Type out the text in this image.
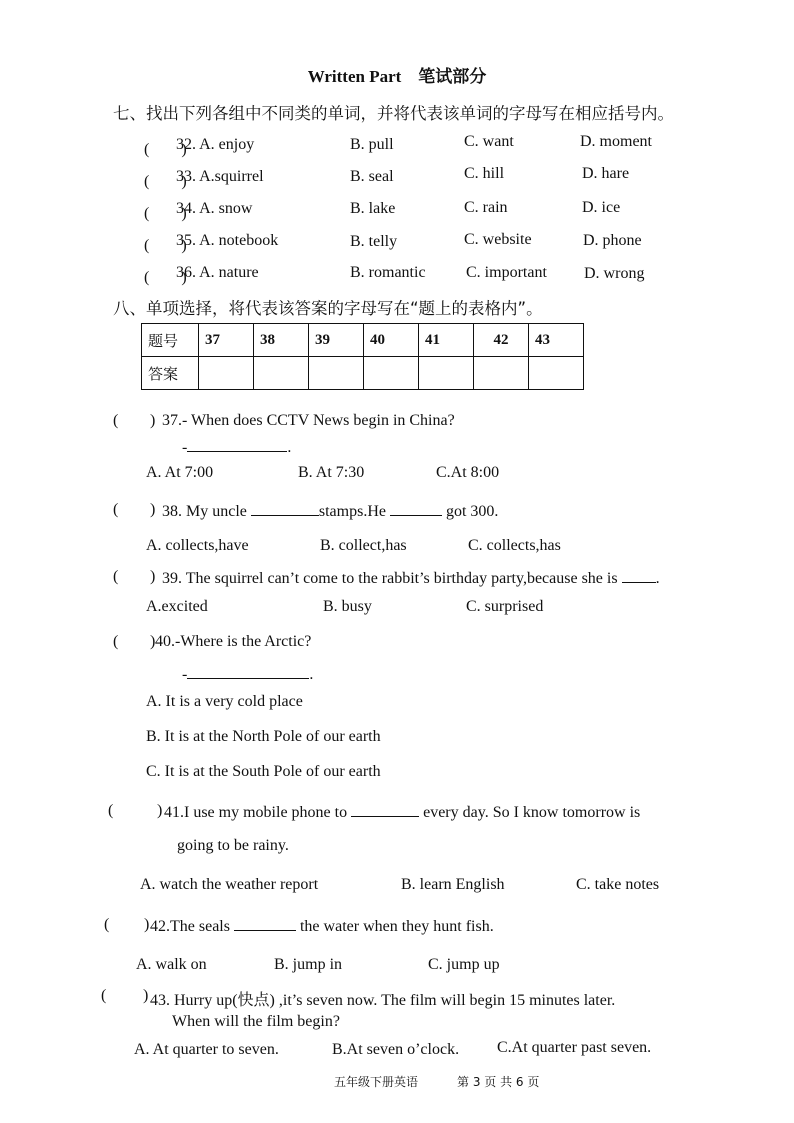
Written Part　笔试部分
七、找出下列各组中不同类的单词，并将代表该单词的字母写在相应括号内。
(　　)
32. A. enjoy	B. pull	C. want	D. moment
(　　)
33. A.squirrel	B. seal	C. hill	D. hare
(　　)
34. A. snow	B. lake	C. rain	D. ice
(　　)
35. A. notebook	B. telly	C. website	D. phone
(　　)
36. A. nature	B. romantic	C. important D. wrong
八、单项选择，将代表该答案的字母写在“题上的表格内”。
题号	37	38	39	40	41	42	43
答案							
( ) 37.- When does CCTV News begin in China?
-	.
A. At 7:00	B. At 7:30	C.At 8:00
( ) 38. My uncle	stamps.He	got 300.
A. collects,have	B. collect,has	C. collects,has
( ) 39. The squirrel can’t come to the rabbit’s birthday party,because she is .
A.excited	B. busy	C. surprised
( ) 40.-Where is the Arctic?
-	.
A. It is a very cold place
B. It is at the North Pole of our earth
C. It is at the South Pole of our earth
(	) 41.I use my mobile phone to	every day. So I know tomorrow is
going to be rainy.
A. watch the weather report	B. learn English	C. take notes
( ) 42.The seals	the water when they hunt fish.
A. walk on	B. jump in	C. jump up
( ) 43. Hurry up(快点) ,it’s seven now. The film will begin 15 minutes later.
When will the film begin?
A. At quarter to seven.	B.At seven o’clock. C.At quarter past seven.
五年级下册英语	第 3 页 共 6 页
